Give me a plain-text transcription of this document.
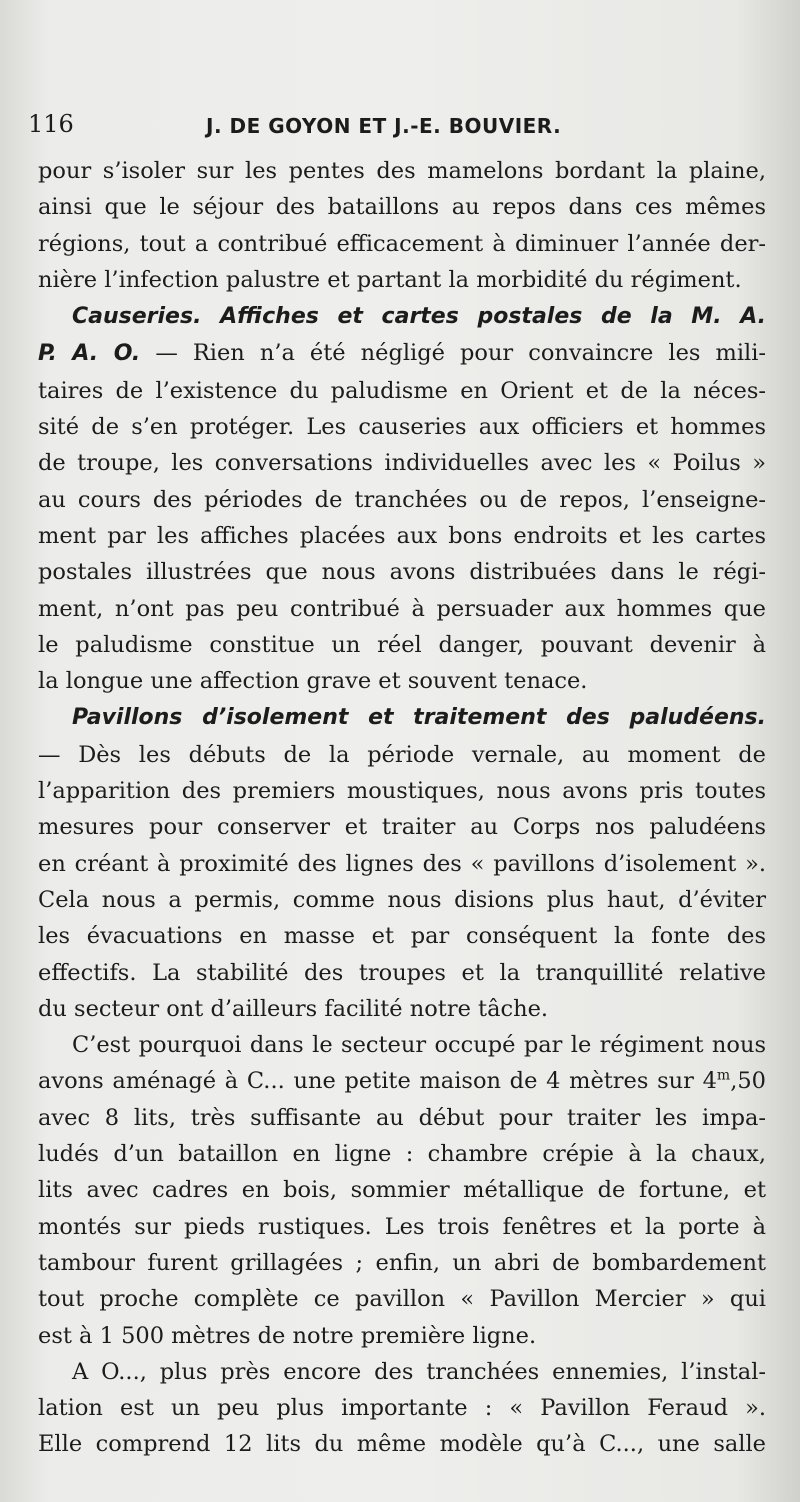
116	J. DE GOYON ET J.-E. BOUVIER.
pour s’isoler sur les pentes des mamelons bordant la plaine,
ainsi que le séjour des bataillons au repos dans ces mêmes
régions, tout a contribué efficacement à diminuer l’année der-
nière l’infection palustre et partant la morbidité du régiment.
Causeries. Affiches et cartes postales de la M. A.
P. A. O. — Rien n’a été négligé pour convaincre les mili-
taires de l’existence du paludisme en Orient et de la néces-
sité de s’en protéger. Les causeries aux officiers et hommes
de troupe, les conversations individuelles avec les « Poilus »
au cours des périodes de tranchées ou de repos, l’enseigne-
ment par les affiches placées aux bons endroits et les cartes
postales illustrées que nous avons distribuées dans le régi-
ment, n’ont pas peu contribué à persuader aux hommes que
le paludisme constitue un réel danger, pouvant devenir à
la longue une affection grave et souvent tenace.
Pavillons d’isolement et traitement des paludéens.
— Dès les débuts de la période vernale, au moment de
l’apparition des premiers moustiques, nous avons pris toutes
mesures pour conserver et traiter au Corps nos paludéens
en créant à proximité des lignes des « pavillons d’isolement ».
Cela nous a permis, comme nous disions plus haut, d’éviter
les évacuations en masse et par conséquent la fonte des
effectifs. La stabilité des troupes et la tranquillité relative
du secteur ont d’ailleurs facilité notre tâche.
C’est pourquoi dans le secteur occupé par le régiment nous
avons aménagé à C... une petite maison de 4 mètres sur 4$^m$,50
avec 8 lits, très suffisante au début pour traiter les impa-
ludés d’un bataillon en ligne : chambre crépie à la chaux,
lits avec cadres en bois, sommier métallique de fortune, et
montés sur pieds rustiques. Les trois fenêtres et la porte à
tambour furent grillagées ; enfin, un abri de bombardement
tout proche complète ce pavillon « Pavillon Mercier » qui
est à 1 500 mètres de notre première ligne.
A O..., plus près encore des tranchées ennemies, l’instal-
lation est un peu plus importante : « Pavillon Feraud ».
Elle comprend 12 lits du même modèle qu’à C..., une salle
